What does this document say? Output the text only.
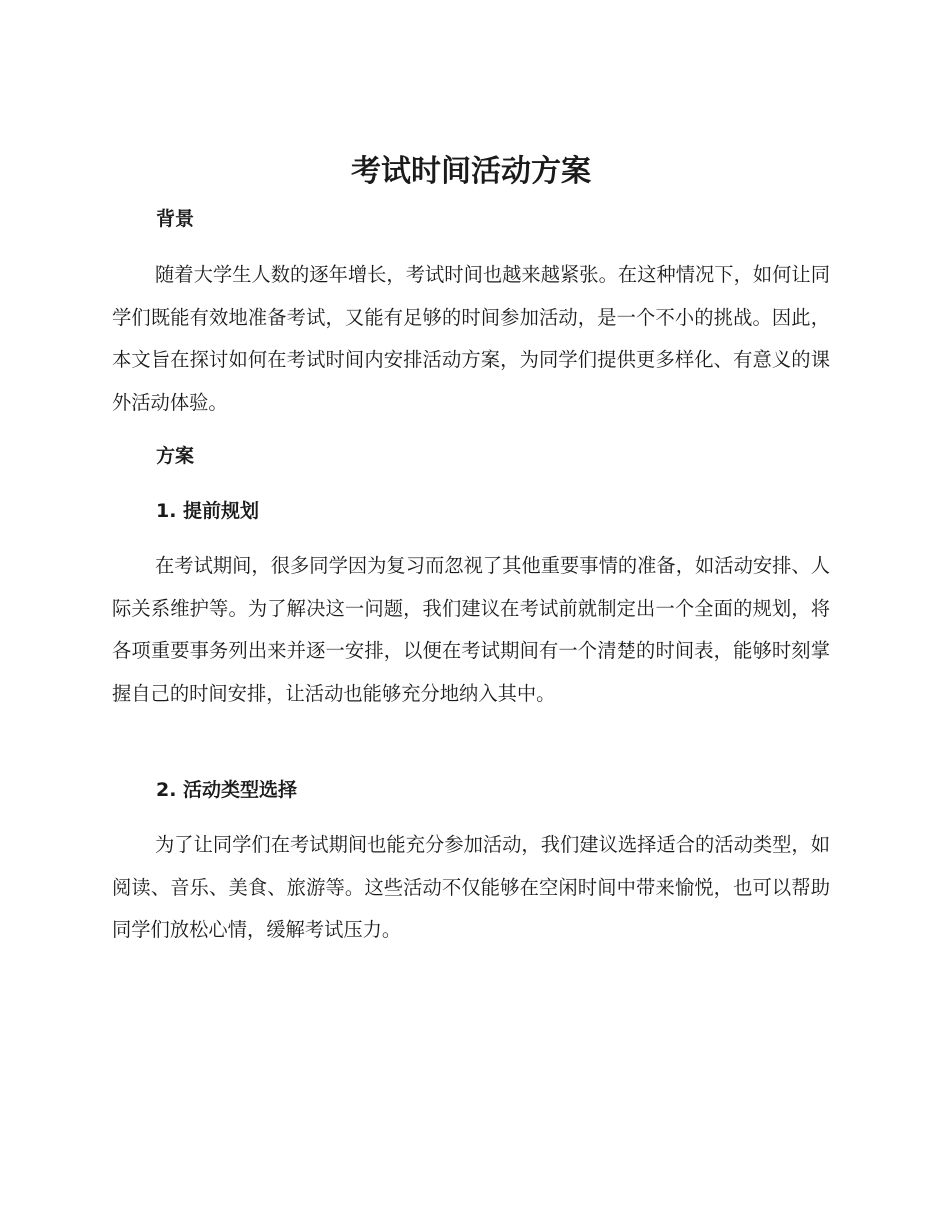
考试时间活动方案
背景

随着大学生人数的逐年增长，考试时间也越来越紧张。在这种情况下，如何让同学们既能有效地准备考试，又能有足够的时间参加活动，是一个不小的挑战。因此，本文旨在探讨如何在考试时间内安排活动方案，为同学们提供更多样化、有意义的课外活动体验。

方案
1. 提前规划

在考试期间，很多同学因为复习而忽视了其他重要事情的准备，如活动安排、人际关系维护等。为了解决这一问题，我们建议在考试前就制定出一个全面的规划，将各项重要事务列出来并逐一安排，以便在考试期间有一个清楚的时间表，能够时刻掌握自己的时间安排，让活动也能够充分地纳入其中。

2. 活动类型选择

为了让同学们在考试期间也能充分参加活动，我们建议选择适合的活动类型，如阅读、音乐、美食、旅游等。这些活动不仅能够在空闲时间中带来愉悦，也可以帮助同学们放松心情，缓解考试压力。
